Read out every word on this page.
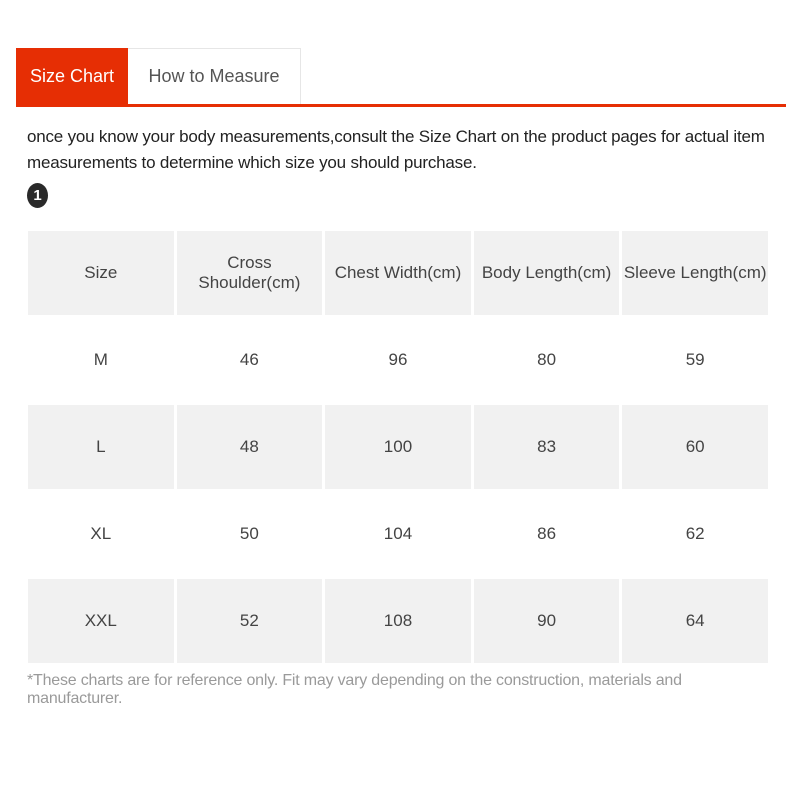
Size Chart How to Measure
once you know your body measurements,consult the Size Chart on the product pages for actual item measurements to determine which size you should purchase.
1
Size	Cross Shoulder(cm)	Chest Width(cm)	Body Length(cm)	Sleeve Length(cm)
M	46	96	80	59
L	48	100	83	60
XL	50	104	86	62
XXL	52	108	90	64
*These charts are for reference only. Fit may vary depending on the construction, materials and manufacturer.
